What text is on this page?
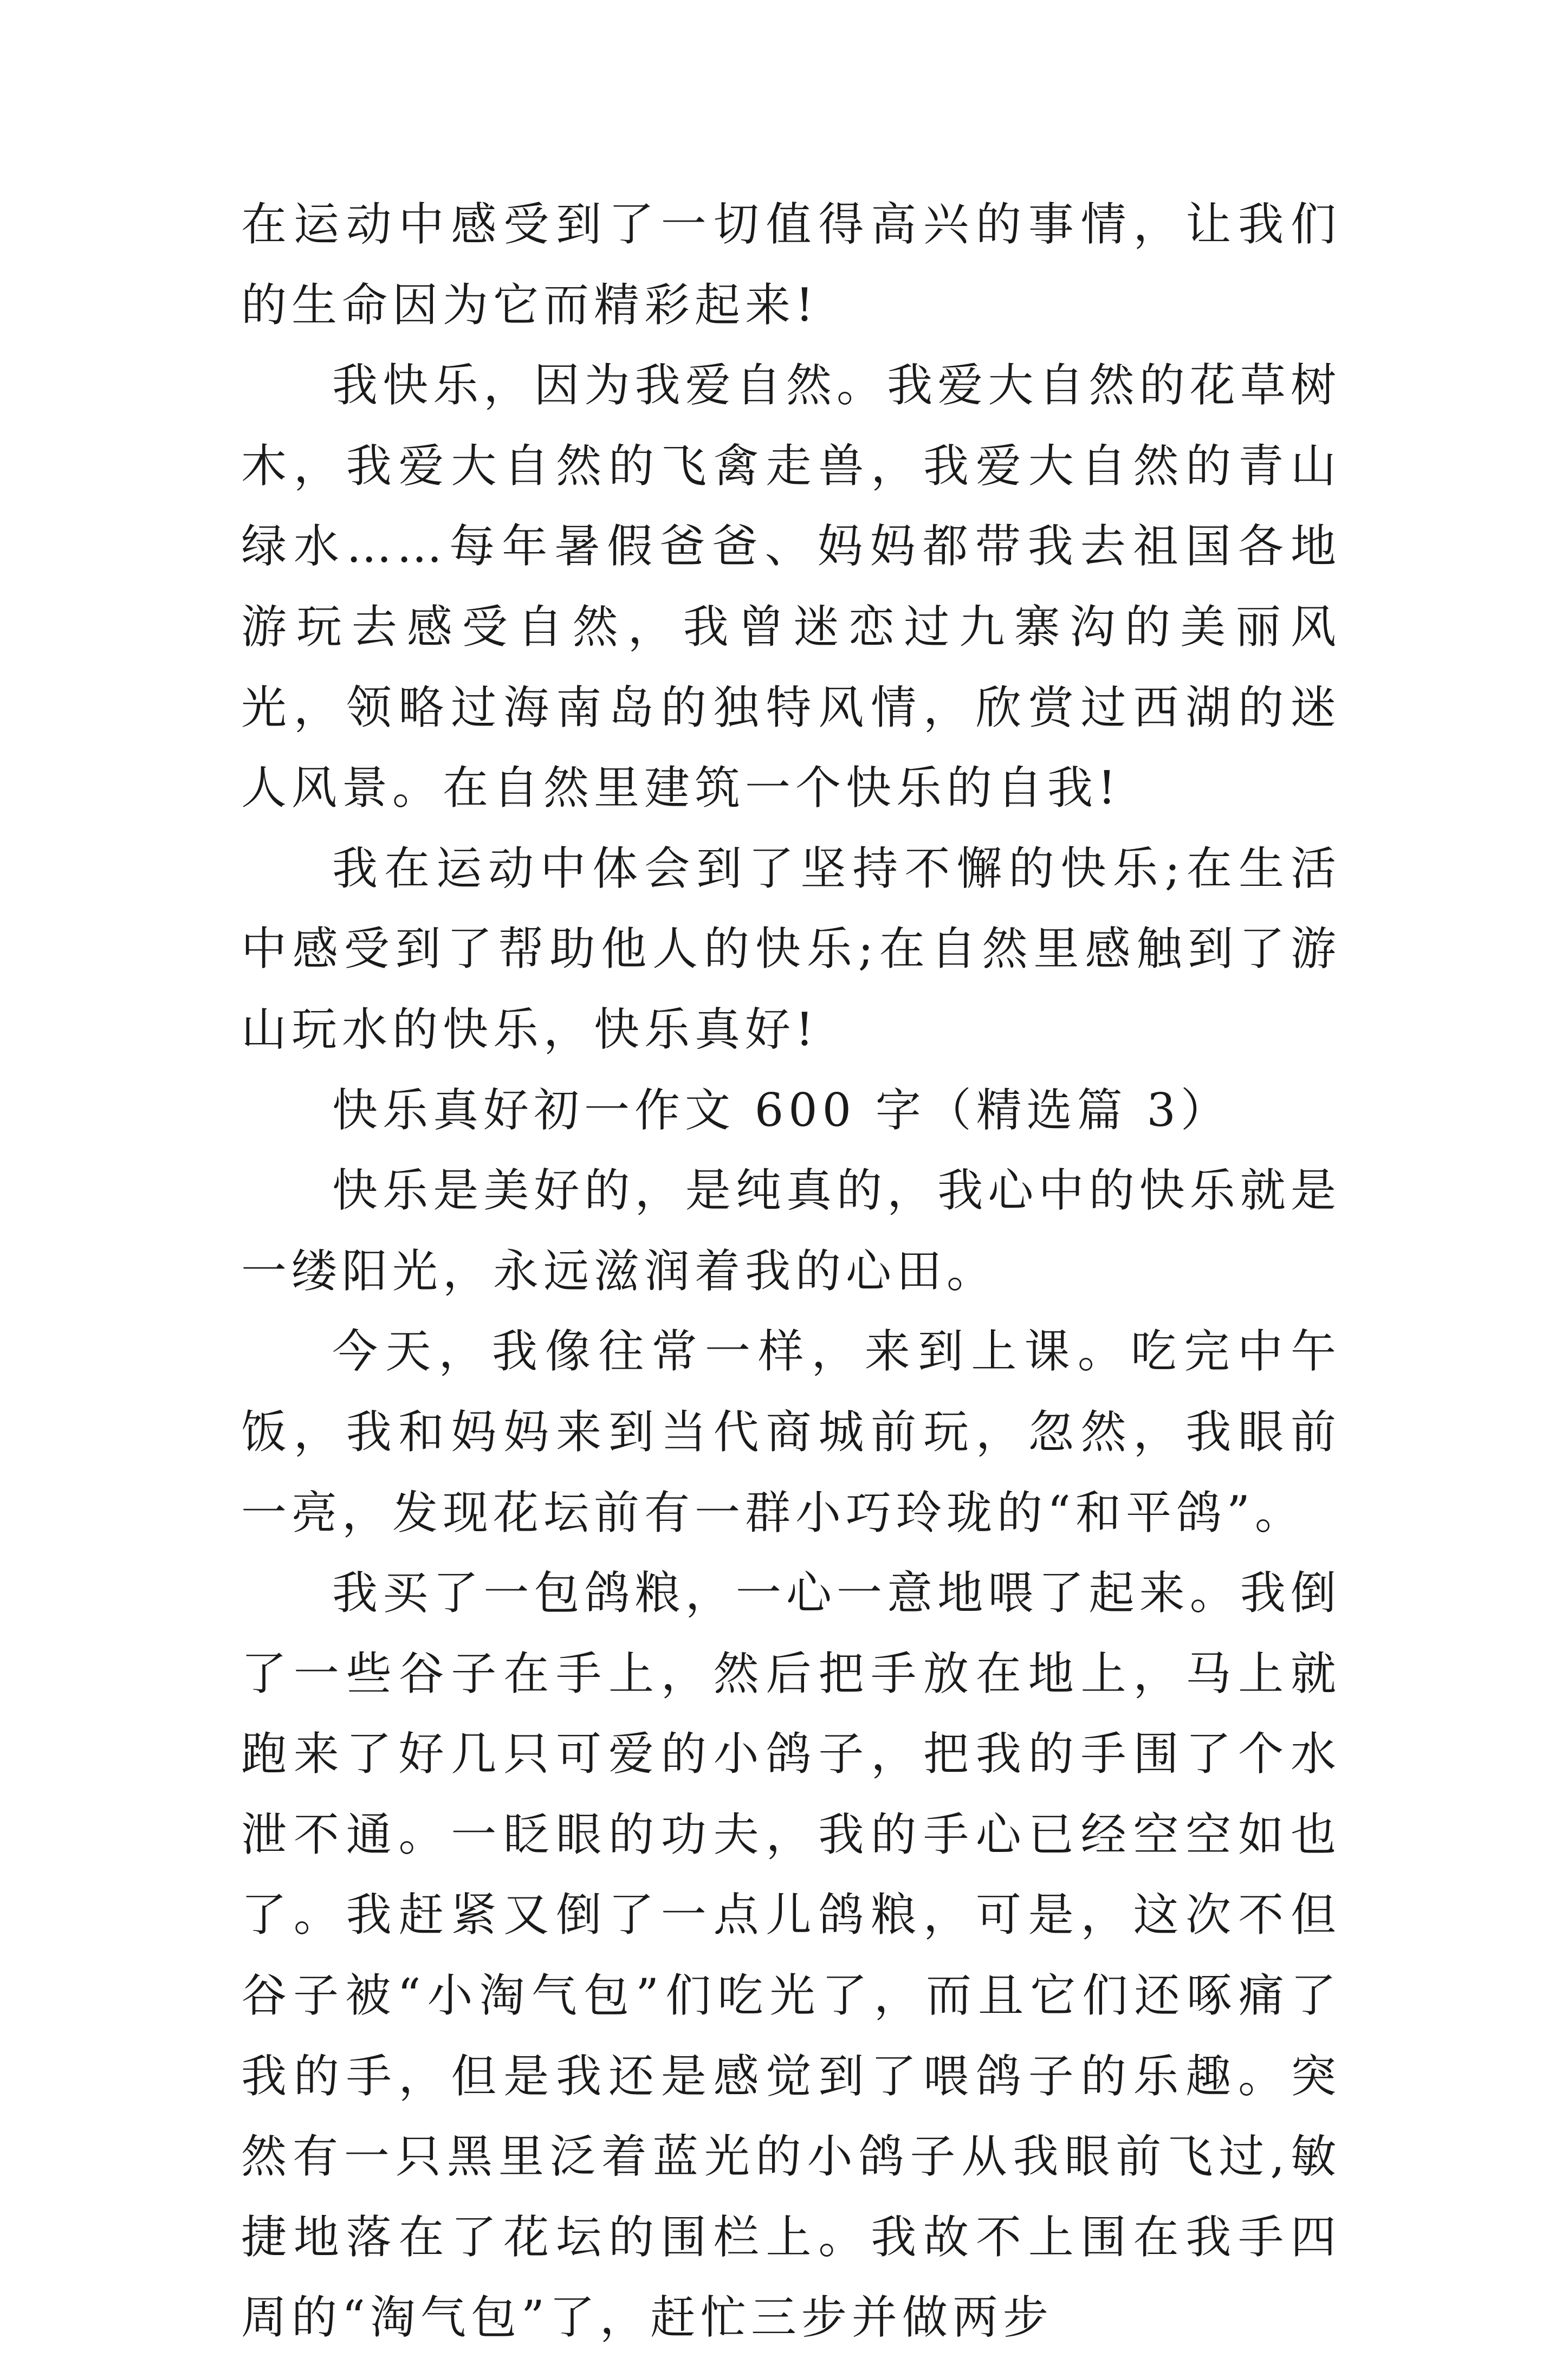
在运动中感受到了一切值得高兴的事情，让我们的生命因为它而精彩起来!

我快乐，因为我爱自然。我爱大自然的花草树木，我爱大自然的飞禽走兽，我爱大自然的青山绿水……每年暑假爸爸、妈妈都带我去祖国各地游玩去感受自然，我曾迷恋过九寨沟的美丽风光，领略过海南岛的独特风情，欣赏过西湖的迷人风景。在自然里建筑一个快乐的自我!

我在运动中体会到了坚持不懈的快乐;在生活中感受到了帮助他人的快乐;在自然里感触到了游山玩水的快乐，快乐真好!

快乐真好初一作文 600 字（精选篇 3）

快乐是美好的，是纯真的，我心中的快乐就是一缕阳光，永远滋润着我的心田。

今天，我像往常一样，来到上课。吃完中午饭，我和妈妈来到当代商城前玩，忽然，我眼前一亮，发现花坛前有一群小巧玲珑的“和平鸽”。

我买了一包鸽粮，一心一意地喂了起来。我倒了一些谷子在手上，然后把手放在地上，马上就跑来了好几只可爱的小鸽子，把我的手围了个水泄不通。一眨眼的功夫，我的手心已经空空如也了。我赶紧又倒了一点儿鸽粮，可是，这次不但谷子被“小淘气包”们吃光了，而且它们还啄痛了我的手，但是我还是感觉到了喂鸽子的乐趣。突然有一只黑里泛着蓝光的小鸽子从我眼前飞过,敏捷地落在了花坛的围栏上。我故不上围在我手四周的“淘气包”了，赶忙三步并做两步
